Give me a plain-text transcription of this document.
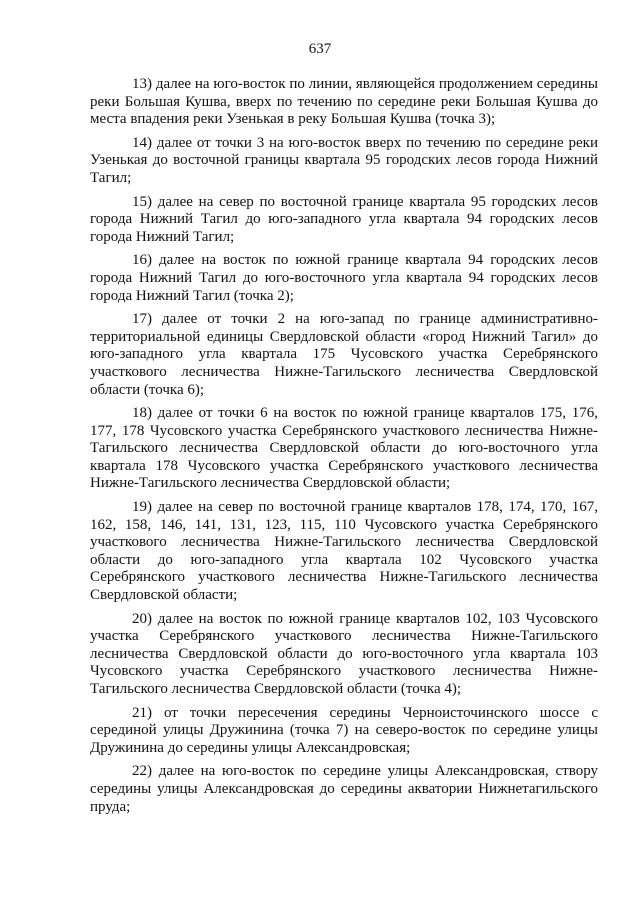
637

13) далее на юго-восток по линии, являющейся продолжением середины реки Большая Кушва, вверх по течению по середине реки Большая Кушва до места впадения реки Узенькая в реку Большая Кушва (точка 3);

14) далее от точки 3 на юго-восток вверх по течению по середине реки Узенькая до восточной границы квартала 95 городских лесов города Нижний Тагил;

15) далее на север по восточной границе квартала 95 городских лесов города Нижний Тагил до юго-западного угла квартала 94 городских лесов города Нижний Тагил;

16) далее на восток по южной границе квартала 94 городских лесов города Нижний Тагил до юго-восточного угла квартала 94 городских лесов города Нижний Тагил (точка 2);

17) далее от точки 2 на юго-запад по границе административно-территориальной единицы Свердловской области «город Нижний Тагил» до юго-западного угла квартала 175 Чусовского участка Серебрянского участкового лесничества Нижне-Тагильского лесничества Свердловской области (точка 6);

18) далее от точки 6 на восток по южной границе кварталов 175, 176, 177, 178 Чусовского участка Серебрянского участкового лесничества Нижне-Тагильского лесничества Свердловской области до юго-восточного угла квартала 178 Чусовского участка Серебрянского участкового лесничества Нижне-Тагильского лесничества Свердловской области;

19) далее на север по восточной границе кварталов 178, 174, 170, 167, 162, 158, 146, 141, 131, 123, 115, 110 Чусовского участка Серебрянского участкового лесничества Нижне-Тагильского лесничества Свердловской области до юго-западного угла квартала 102 Чусовского участка Серебрянского участкового лесничества Нижне-Тагильского лесничества Свердловской области;

20) далее на восток по южной границе кварталов 102, 103 Чусовского участка Серебрянского участкового лесничества Нижне-Тагильского лесничества Свердловской области до юго-восточного угла квартала 103 Чусовского участка Серебрянского участкового лесничества Нижне-Тагильского лесничества Свердловской области (точка 4);

21) от точки пересечения середины Черноисточинского шоссе с серединой улицы Дружинина (точка 7) на северо-восток по середине улицы Дружинина до середины улицы Александровская;

22) далее на юго-восток по середине улицы Александровская, створу середины улицы Александровская до середины акватории Нижнетагильского пруда;
